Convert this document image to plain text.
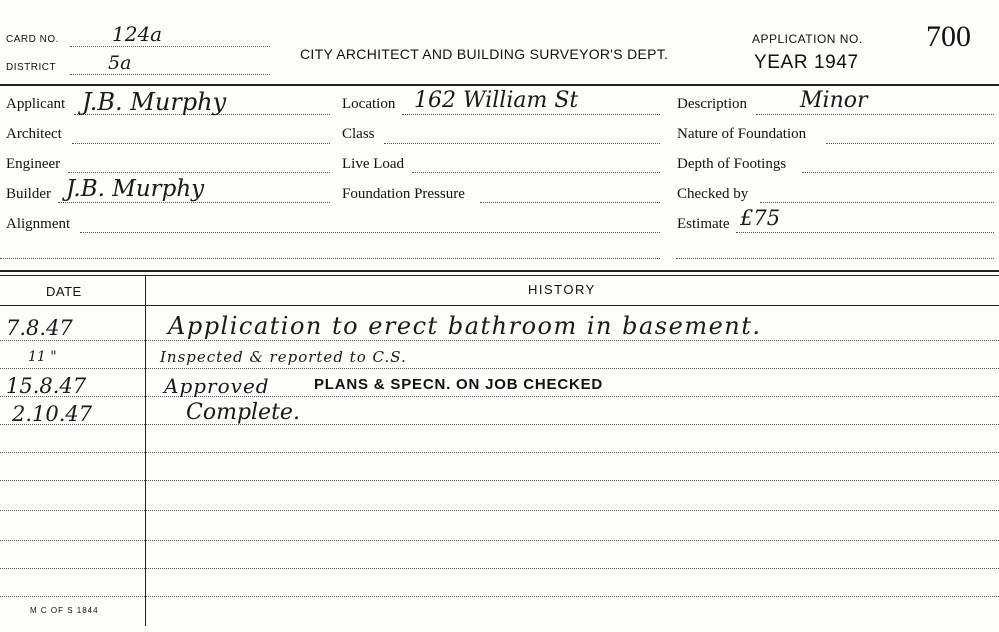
CARD NO.	124a
DISTRICT	5a	CITY ARCHITECT AND BUILDING SURVEYOR'S DEPT.
APPLICATION NO. 700
YEAR 1947
Applicant J.B. Murphy
Architect
Engineer
Builder J.B. Murphy
Alignment
Location 162 William St
Class
Live Load
Foundation Pressure
Description Minor
Nature of Foundation
Depth of Footings
Checked by
Estimate £75
DATE	HISTORY
7.8.47	Application to erect bathroom in basement.
11 "	Inspected & reported to C.S.
15.8.47	Approved	PLANS & SPECN. ON JOB CHECKED
2.10.47	Complete.
M C OF S 1844
